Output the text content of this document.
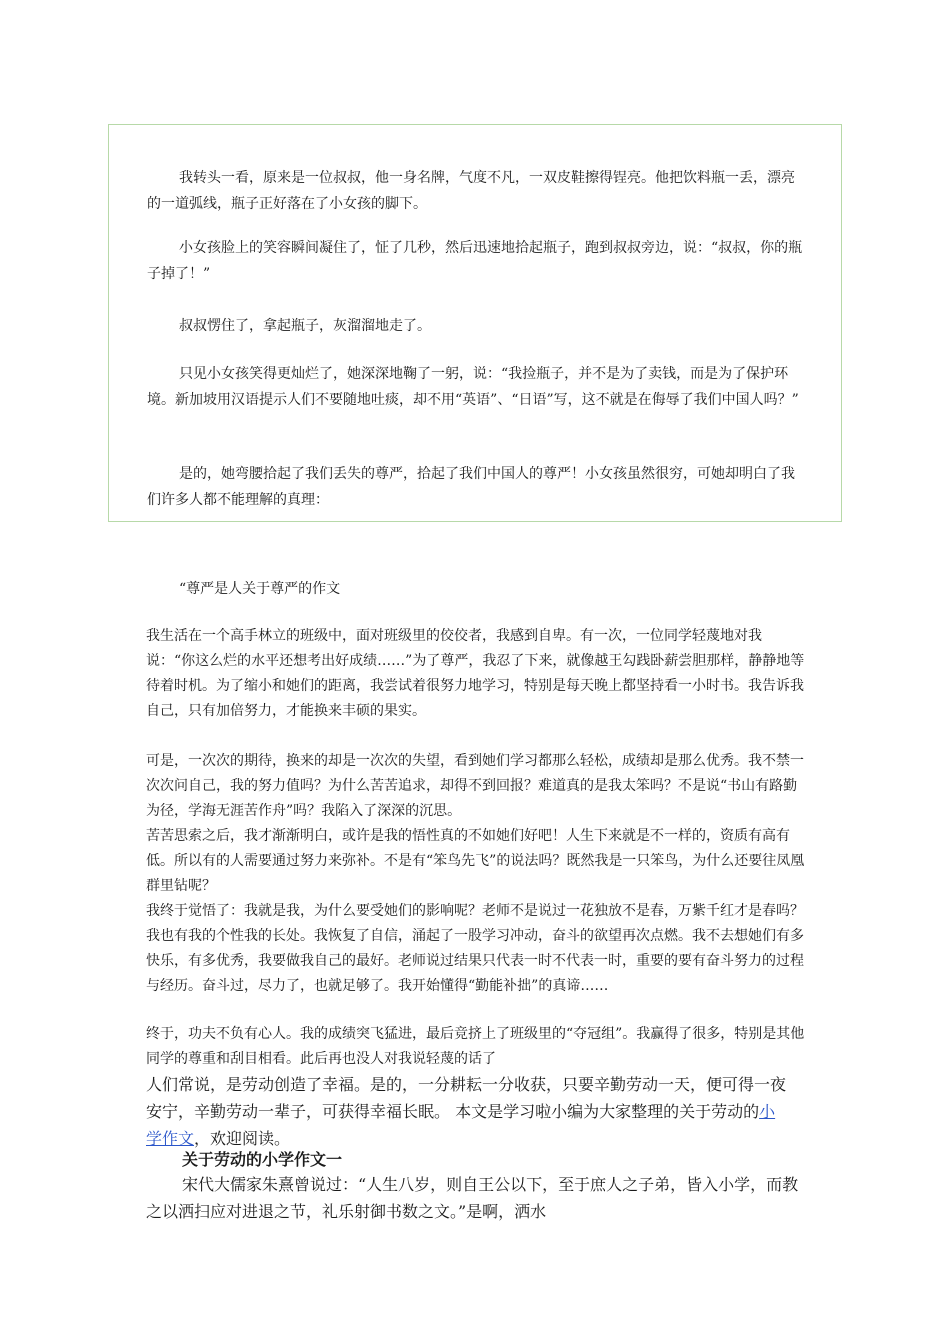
我转头一看，原来是一位叔叔，他一身名牌，气度不凡，一双皮鞋擦得锃亮。他把饮料瓶一丢，漂亮的一道弧线，瓶子正好落在了小女孩的脚下。

小女孩脸上的笑容瞬间凝住了，怔了几秒，然后迅速地拾起瓶子，跑到叔叔旁边，说：“叔叔，你的瓶子掉了！”

叔叔愣住了，拿起瓶子，灰溜溜地走了。

只见小女孩笑得更灿烂了，她深深地鞠了一躬，说：“我捡瓶子，并不是为了卖钱，而是为了保护环境。新加坡用汉语提示人们不要随地吐痰，却不用“英语”、“日语”写，这不就是在侮辱了我们中国人吗？”

是的，她弯腰拾起了我们丢失的尊严，拾起了我们中国人的尊严！小女孩虽然很穷，可她却明白了我们许多人都不能理解的真理：

“尊严是人关于尊严的作文

我生活在一个高手林立的班级中，面对班级里的佼佼者，我感到自卑。有一次，一位同学轻蔑地对我说：“你这么烂的水平还想考出好成绩……”为了尊严，我忍了下来，就像越王勾践卧薪尝胆那样，静静地等待着时机。为了缩小和她们的距离，我尝试着很努力地学习，特别是每天晚上都坚持看一小时书。我告诉我自己，只有加倍努力，才能换来丰硕的果实。

可是，一次次的期待，换来的却是一次次的失望，看到她们学习都那么轻松，成绩却是那么优秀。我不禁一次次问自己，我的努力值吗？为什么苦苦追求，却得不到回报？难道真的是我太笨吗？不是说“书山有路勤为径，学海无涯苦作舟”吗？我陷入了深深的沉思。

苦苦思索之后，我才渐渐明白，或许是我的悟性真的不如她们好吧！人生下来就是不一样的，资质有高有低。所以有的人需要通过努力来弥补。不是有“笨鸟先飞”的说法吗？既然我是一只笨鸟，为什么还要往凤凰群里钻呢？

我终于觉悟了：我就是我，为什么要受她们的影响呢？老师不是说过一花独放不是春，万紫千红才是春吗？我也有我的个性我的长处。我恢复了自信，涌起了一股学习冲动，奋斗的欲望再次点燃。我不去想她们有多快乐，有多优秀，我要做我自己的最好。老师说过结果只代表一时不代表一时，重要的要有奋斗努力的过程与经历。奋斗过，尽力了，也就足够了。我开始懂得“勤能补拙”的真谛……

终于，功夫不负有心人。我的成绩突飞猛进，最后竞挤上了班级里的“夺冠组”。我赢得了很多，特别是其他同学的尊重和刮目相看。此后再也没人对我说轻蔑的话了

人们常说，是劳动创造了幸福。是的，一分耕耘一分收获，只要辛勤劳动一天，便可得一夜安宁，辛勤劳动一辈子，可获得幸福长眠。 本文是学习啦小编为大家整理的关于劳动的小学作文，欢迎阅读。

关于劳动的小学作文一

宋代大儒家朱熹曾说过：“人生八岁，则自王公以下，至于庶人之子弟，皆入小学，而教之以洒扫应对进退之节，礼乐射御书数之文。”是啊，洒水
